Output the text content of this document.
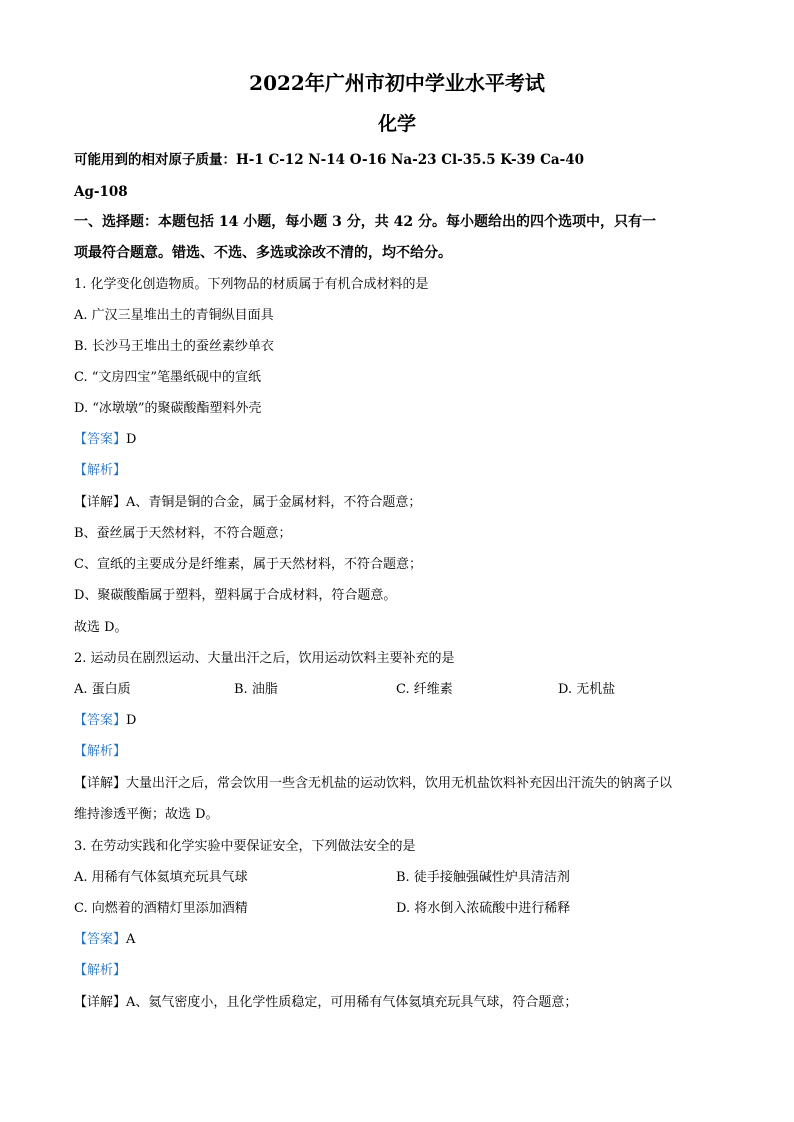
2022年广州市初中学业水平考试
化学
可能用到的相对原子质量：H-1 C-12 N-14 O-16 Na-23 Cl-35.5 K-39 Ca-40
Ag-108
一、选择题：本题包括 14 小题，每小题 3 分，共 42 分。每小题给出的四个选项中，只有一
项最符合题意。错选、不选、多选或涂改不清的，均不给分。
1. 化学变化创造物质。下列物品的材质属于有机合成材料的是
A. 广汉三星堆出土的青铜纵目面具
B. 长沙马王堆出土的蚕丝素纱单衣
C. “文房四宝”笔墨纸砚中的宣纸
D. “冰墩墩”的聚碳酸酯塑料外壳
【答案】D
【解析】
【详解】A、青铜是铜的合金，属于金属材料，不符合题意；
B、蚕丝属于天然材料，不符合题意；
C、宣纸的主要成分是纤维素，属于天然材料，不符合题意；
D、聚碳酸酯属于塑料，塑料属于合成材料，符合题意。
故选 D。
2. 运动员在剧烈运动、大量出汗之后，饮用运动饮料主要补充的是
A. 蛋白质	B. 油脂	C. 纤维素	D. 无机盐
【答案】D
【解析】
【详解】大量出汗之后，常会饮用一些含无机盐的运动饮料，饮用无机盐饮料补充因出汗流失的钠离子以
维持渗透平衡；故选 D。
3. 在劳动实践和化学实验中要保证安全，下列做法安全的是
A. 用稀有气体氦填充玩具气球	B. 徒手接触强碱性炉具清洁剂
C. 向燃着的酒精灯里添加酒精	D. 将水倒入浓硫酸中进行稀释
【答案】A
【解析】
【详解】A、氦气密度小，且化学性质稳定，可用稀有气体氦填充玩具气球，符合题意；
